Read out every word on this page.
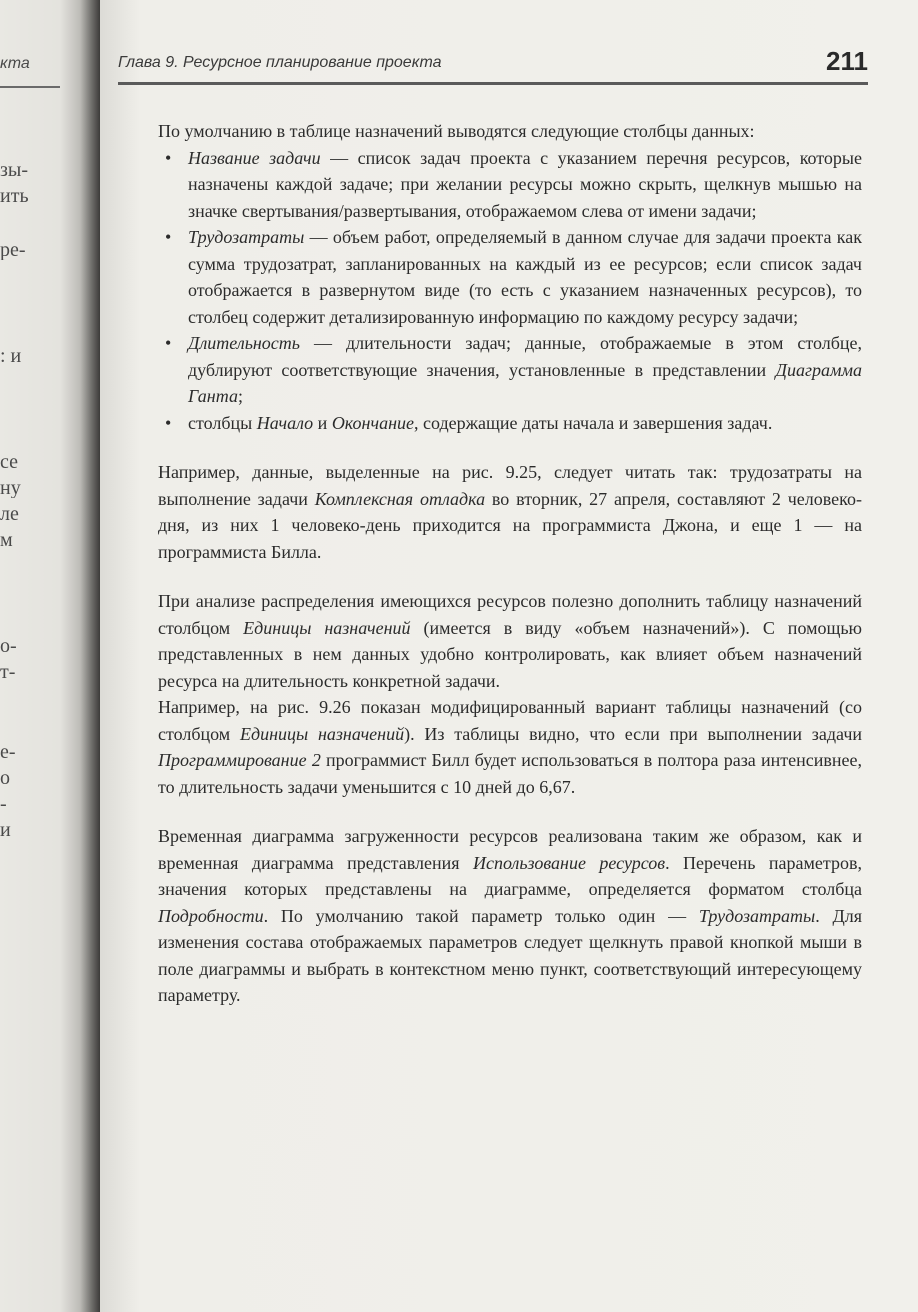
кта
зы-
ить
ре-
: и
се
ну
ле
м
о-
т-
е-
о
-
и
Глава 9. Ресурсное планирование проекта	211

По умолчанию в таблице назначений выводятся следующие столбцы данных:

• Название задачи — список задач проекта с указанием перечня ресурсов, которые назначены каждой задаче; при желании ресурсы можно скрыть, щелкнув мышью на значке свертывания/развертывания, отображаемом слева от имени задачи;
• Трудозатраты — объем работ, определяемый в данном случае для задачи проекта как сумма трудозатрат, запланированных на каждый из ее ресурсов; если список задач отображается в развернутом виде (то есть с указанием назначенных ресурсов), то столбец содержит детализированную информацию по каждому ресурсу задачи;
• Длительность — длительности задач; данные, отображаемые в этом столбце, дублируют соответствующие значения, установленные в представлении Диаграмма Ганта;
• столбцы Начало и Окончание, содержащие даты начала и завершения задач.

Например, данные, выделенные на рис. 9.25, следует читать так: трудозатраты на выполнение задачи Комплексная отладка во вторник, 27 апреля, составляют 2 человеко-дня, из них 1 человеко-день приходится на программиста Джона, и еще 1 — на программиста Билла.

При анализе распределения имеющихся ресурсов полезно дополнить таблицу назначений столбцом Единицы назначений (имеется в виду «объем назначений»). С помощью представленных в нем данных удобно контролировать, как влияет объем назначений ресурса на длительность конкретной задачи.

Например, на рис. 9.26 показан модифицированный вариант таблицы назначений (со столбцом Единицы назначений). Из таблицы видно, что если при выполнении задачи Программирование 2 программист Билл будет использоваться в полтора раза интенсивнее, то длительность задачи уменьшится с 10 дней до 6,67.

Временная диаграмма загруженности ресурсов реализована таким же образом, как и временная диаграмма представления Использование ресурсов. Перечень параметров, значения которых представлены на диаграмме, определяется форматом столбца Подробности. По умолчанию такой параметр только один — Трудозатраты. Для изменения состава отображаемых параметров следует щелкнуть правой кнопкой мыши в поле диаграммы и выбрать в контекстном меню пункт, соответствующий интересующему параметру.
